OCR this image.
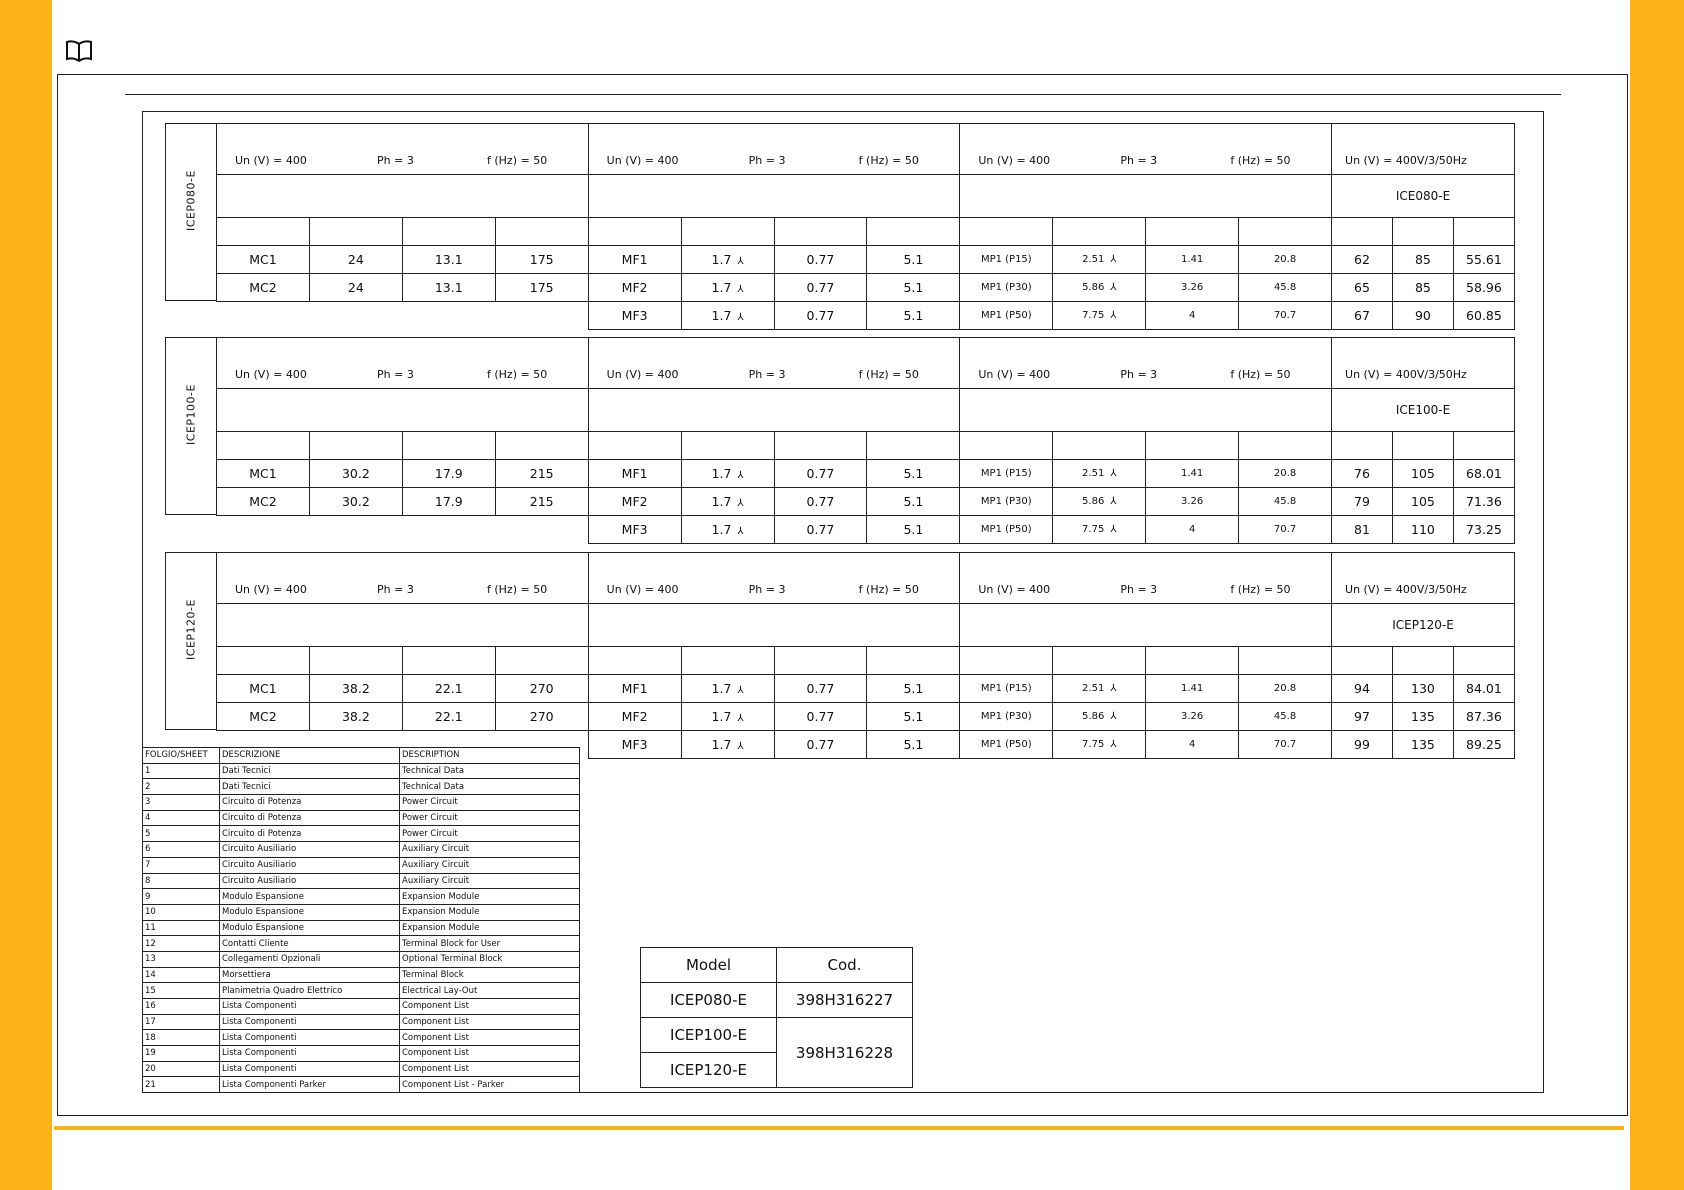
ICEP080-E
Un (V) = 400 Ph = 3 f (Hz) = 50				Un (V) = 400 Ph = 3 f (Hz) = 50				Un (V) = 400 Ph = 3 f (Hz) = 50				Un (V) = 400V/3/50Hz		

												ICE080-E		

MC1	24	13.1	175	MF1	1.7 ⅄	0.77	5.1	MP1 (P15)	2.51 ⅄	1.41	20.8	62	85	55.61
MC2	24	13.1	175	MF2	1.7 ⅄	0.77	5.1	MP1 (P30)	5.86 ⅄	3.26	45.8	65	85	58.96
				MF3	1.7 ⅄	0.77	5.1	MP1 (P50)	7.75 ⅄	4	70.7	67	90	60.85
ICEP100-E
Un (V) = 400 Ph = 3 f (Hz) = 50				Un (V) = 400 Ph = 3 f (Hz) = 50				Un (V) = 400 Ph = 3 f (Hz) = 50				Un (V) = 400V/3/50Hz		

												ICE100-E		

MC1	30.2	17.9	215	MF1	1.7 ⅄	0.77	5.1	MP1 (P15)	2.51 ⅄	1.41	20.8	76	105	68.01
MC2	30.2	17.9	215	MF2	1.7 ⅄	0.77	5.1	MP1 (P30)	5.86 ⅄	3.26	45.8	79	105	71.36
				MF3	1.7 ⅄	0.77	5.1	MP1 (P50)	7.75 ⅄	4	70.7	81	110	73.25
ICEP120-E
Un (V) = 400 Ph = 3 f (Hz) = 50				Un (V) = 400 Ph = 3 f (Hz) = 50				Un (V) = 400 Ph = 3 f (Hz) = 50				Un (V) = 400V/3/50Hz		

												ICEP120-E		

MC1	38.2	22.1	270	MF1	1.7 ⅄	0.77	5.1	MP1 (P15)	2.51 ⅄	1.41	20.8	94	130	84.01
MC2	38.2	22.1	270	MF2	1.7 ⅄	0.77	5.1	MP1 (P30)	5.86 ⅄	3.26	45.8	97	135	87.36
				MF3	1.7 ⅄	0.77	5.1	MP1 (P50)	7.75 ⅄	4	70.7	99	135	89.25
FOLGIO/SHEET	DESCRIZIONE	DESCRIPTION
1	Dati Tecnici	Technical Data
2	Dati Tecnici	Technical Data
3	Circuito di Potenza	Power Circuit
4	Circuito di Potenza	Power Circuit
5	Circuito di Potenza	Power Circuit
6	Circuito Ausiliario	Auxiliary Circuit
7	Circuito Ausiliario	Auxiliary Circuit
8	Circuito Ausiliario	Auxiliary Circuit
9	Modulo Espansione	Expansion Module
10	Modulo Espansione	Expansion Module
11	Modulo Espansione	Expansion Module
12	Contatti Cliente	Terminal Block for User
13	Collegamenti Opzionali	Optional Terminal Block
14	Morsettiera	Terminal Block
15	Planimetria Quadro Elettrico	Electrical Lay-Out
16	Lista Componenti	Component List
17	Lista Componenti	Component List
18	Lista Componenti	Component List
19	Lista Componenti	Component List
20	Lista Componenti	Component List
21	Lista Componenti Parker	Component List - Parker
Model	Cod.
ICEP080-E	398H316227
ICEP100-E	398H316228
ICEP120-E	
